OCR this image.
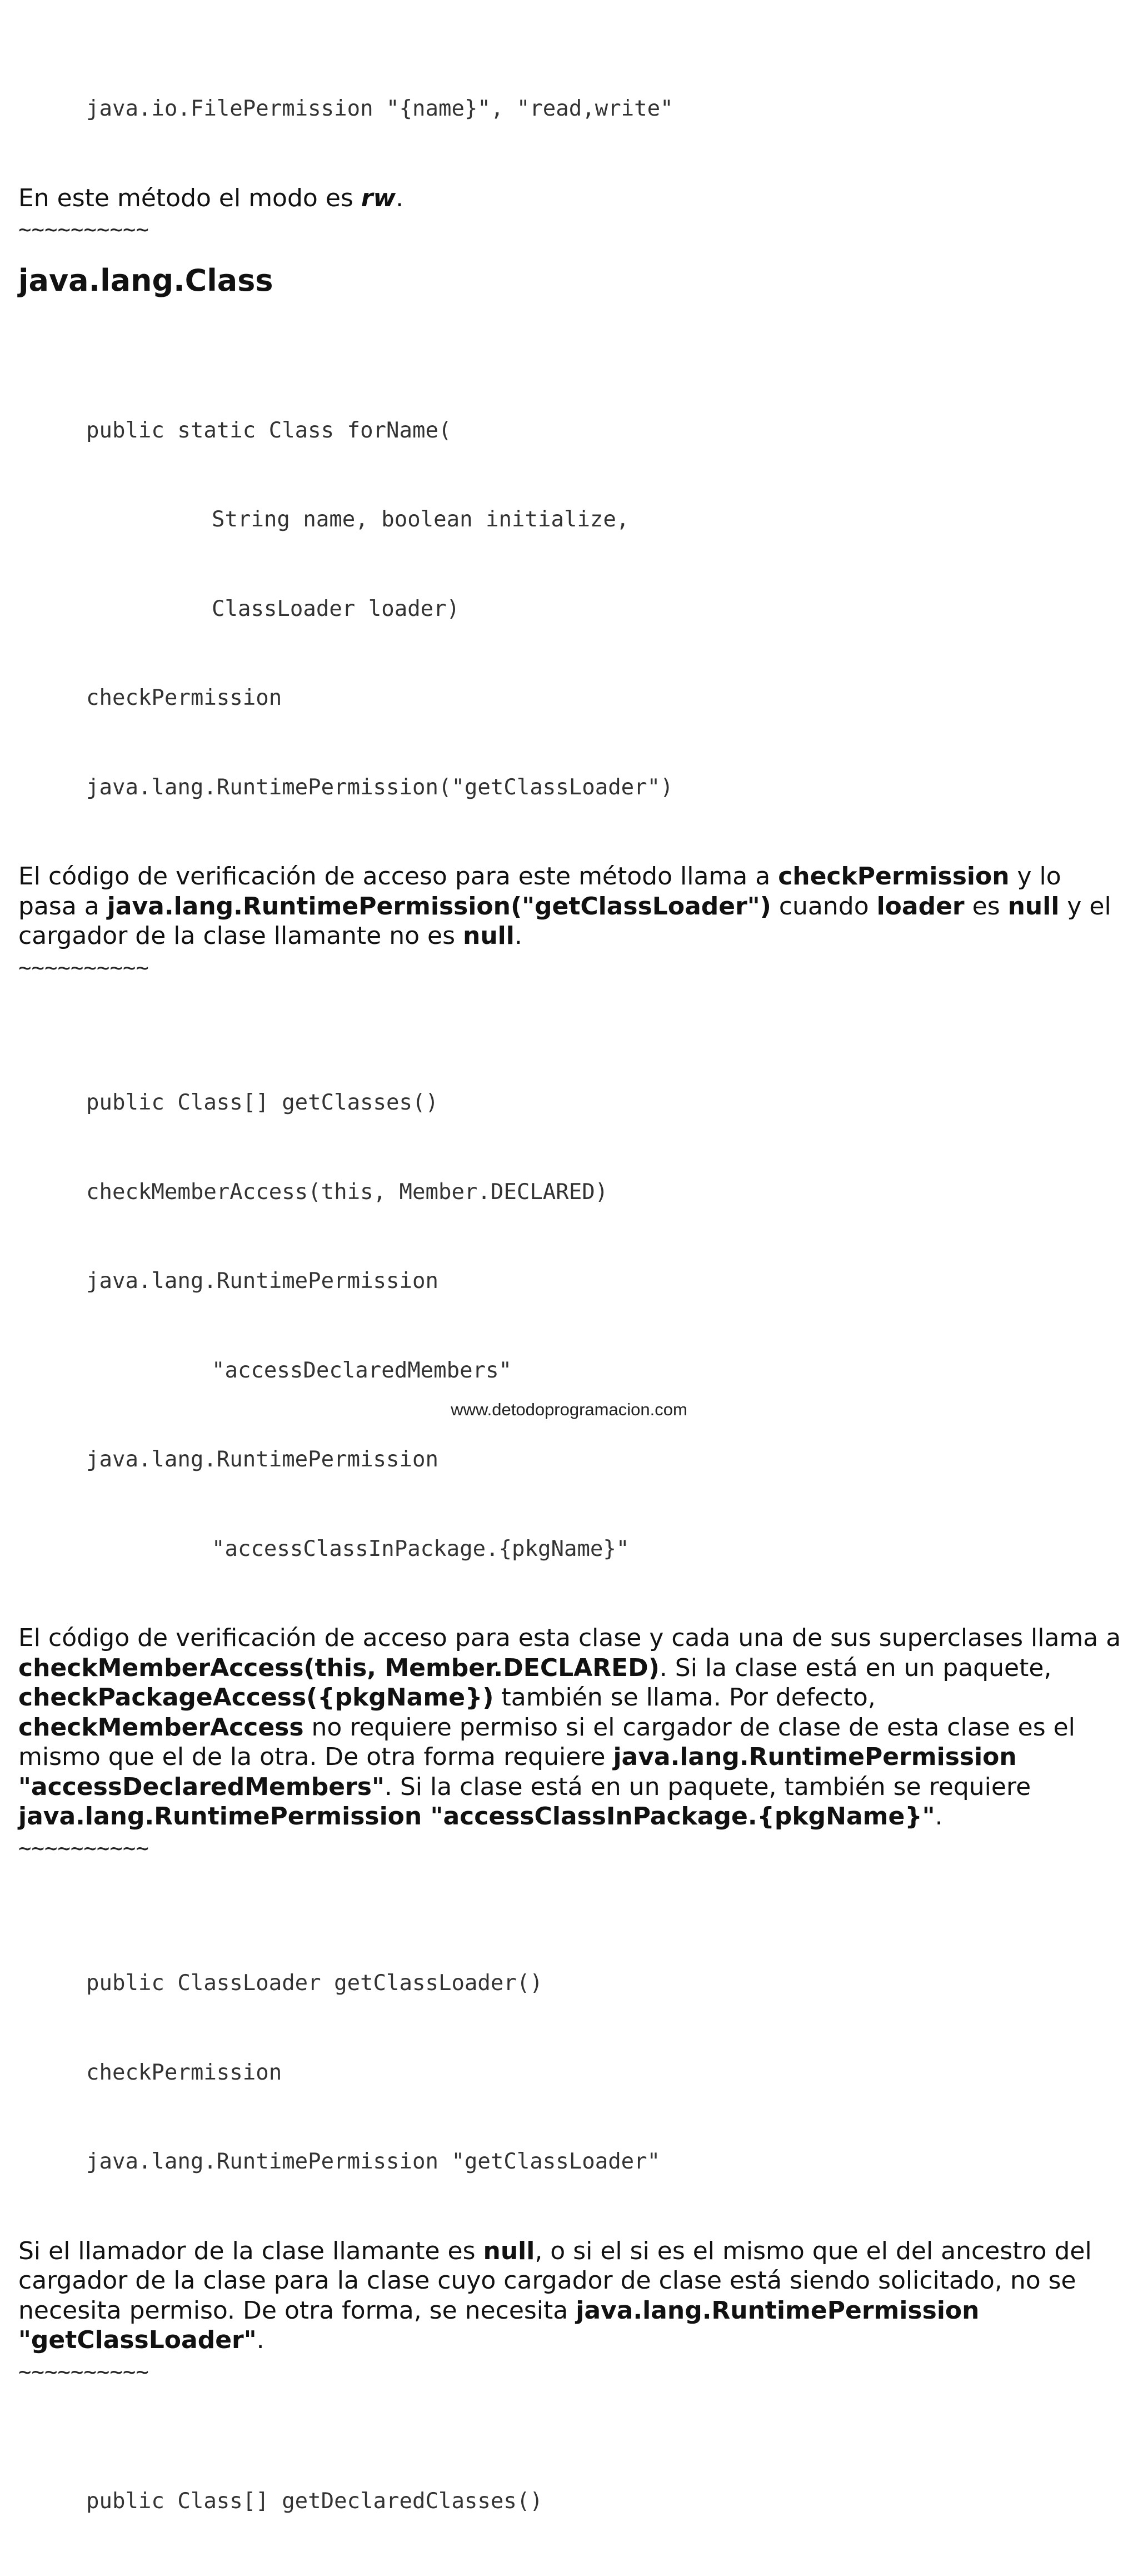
java.io.FilePermission "{name}", "read,write"

En este método el modo es rw.

~~~~~~~~~~

java.lang.Class

public static Class forName(

String name, boolean initialize,

ClassLoader loader)

checkPermission

java.lang.RuntimePermission("getClassLoader")

El código de verificación de acceso para este método llama a checkPermission y lo pasa a java.lang.RuntimePermission("getClassLoader") cuando loader es null y el cargador de la clase llamante no es null.

~~~~~~~~~~

public Class[] getClasses()

checkMemberAccess(this, Member.DECLARED)

java.lang.RuntimePermission

"accessDeclaredMembers"

java.lang.RuntimePermission

"accessClassInPackage.{pkgName}"

El código de verificación de acceso para esta clase y cada una de sus superclases llama a checkMemberAccess(this, Member.DECLARED). Si la clase está en un paquete, checkPackageAccess({pkgName}) también se llama. Por defecto, checkMemberAccess no requiere permiso si el cargador de clase de esta clase es el mismo que el de la otra. De otra forma requiere java.lang.RuntimePermission "accessDeclaredMembers". Si la clase está en un paquete, también se requiere java.lang.RuntimePermission "accessClassInPackage.{pkgName}".

~~~~~~~~~~

public ClassLoader getClassLoader()

checkPermission

java.lang.RuntimePermission "getClassLoader"

Si el llamador de la clase llamante es null, o si el si es el mismo que el del ancestro del cargador de la clase para la clase cuyo cargador de clase está siendo solicitado, no se necesita permiso. De otra forma, se necesita java.lang.RuntimePermission "getClassLoader".

~~~~~~~~~~

public Class[] getDeclaredClasses()

www.detodoprogramacion.com
